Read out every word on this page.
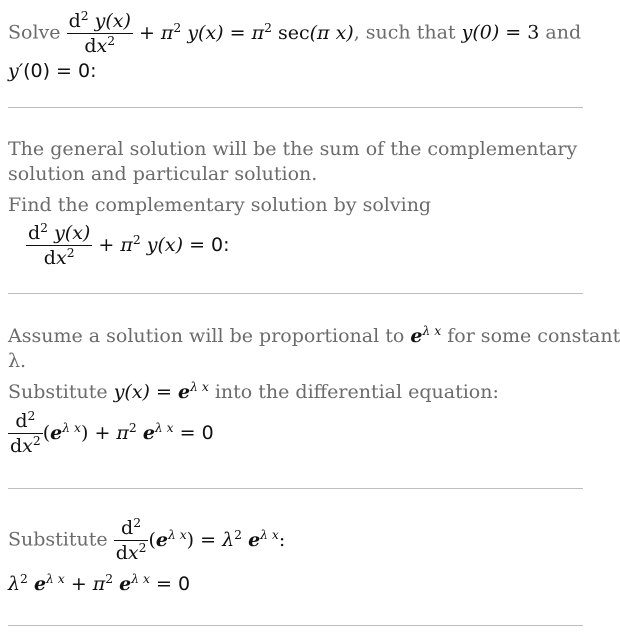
Solve $\frac{d^2 y(x)}{dx^2} + \pi^2$ $y(x) = \pi^2$ sec(π x), such that y(0) = 3 and
y′(0) = 0:
The general solution will be the sum of the complementary
solution and particular solution.
Find the complementary solution by solving
$\frac{d^2 y(x)}{dx^2} + \pi^2$ y(x) = 0:
Assume a solution will be proportional to $e^{\lambda x}$ for some constant
λ.
Substitute $y(x) = e^{\lambda x}$ into the differential equation:
$\frac{d^2}{dx^2} (e^{\lambda x}) + \pi^2$ $e^{\lambda x} = 0$
Substitute $\frac{d^2}{dx^2} (e^{\lambda x}) = \lambda^2$ $e^{\lambda x}$:
$\lambda^2$ $e^{\lambda x} + \pi^2$ $e^{\lambda x} = 0$
